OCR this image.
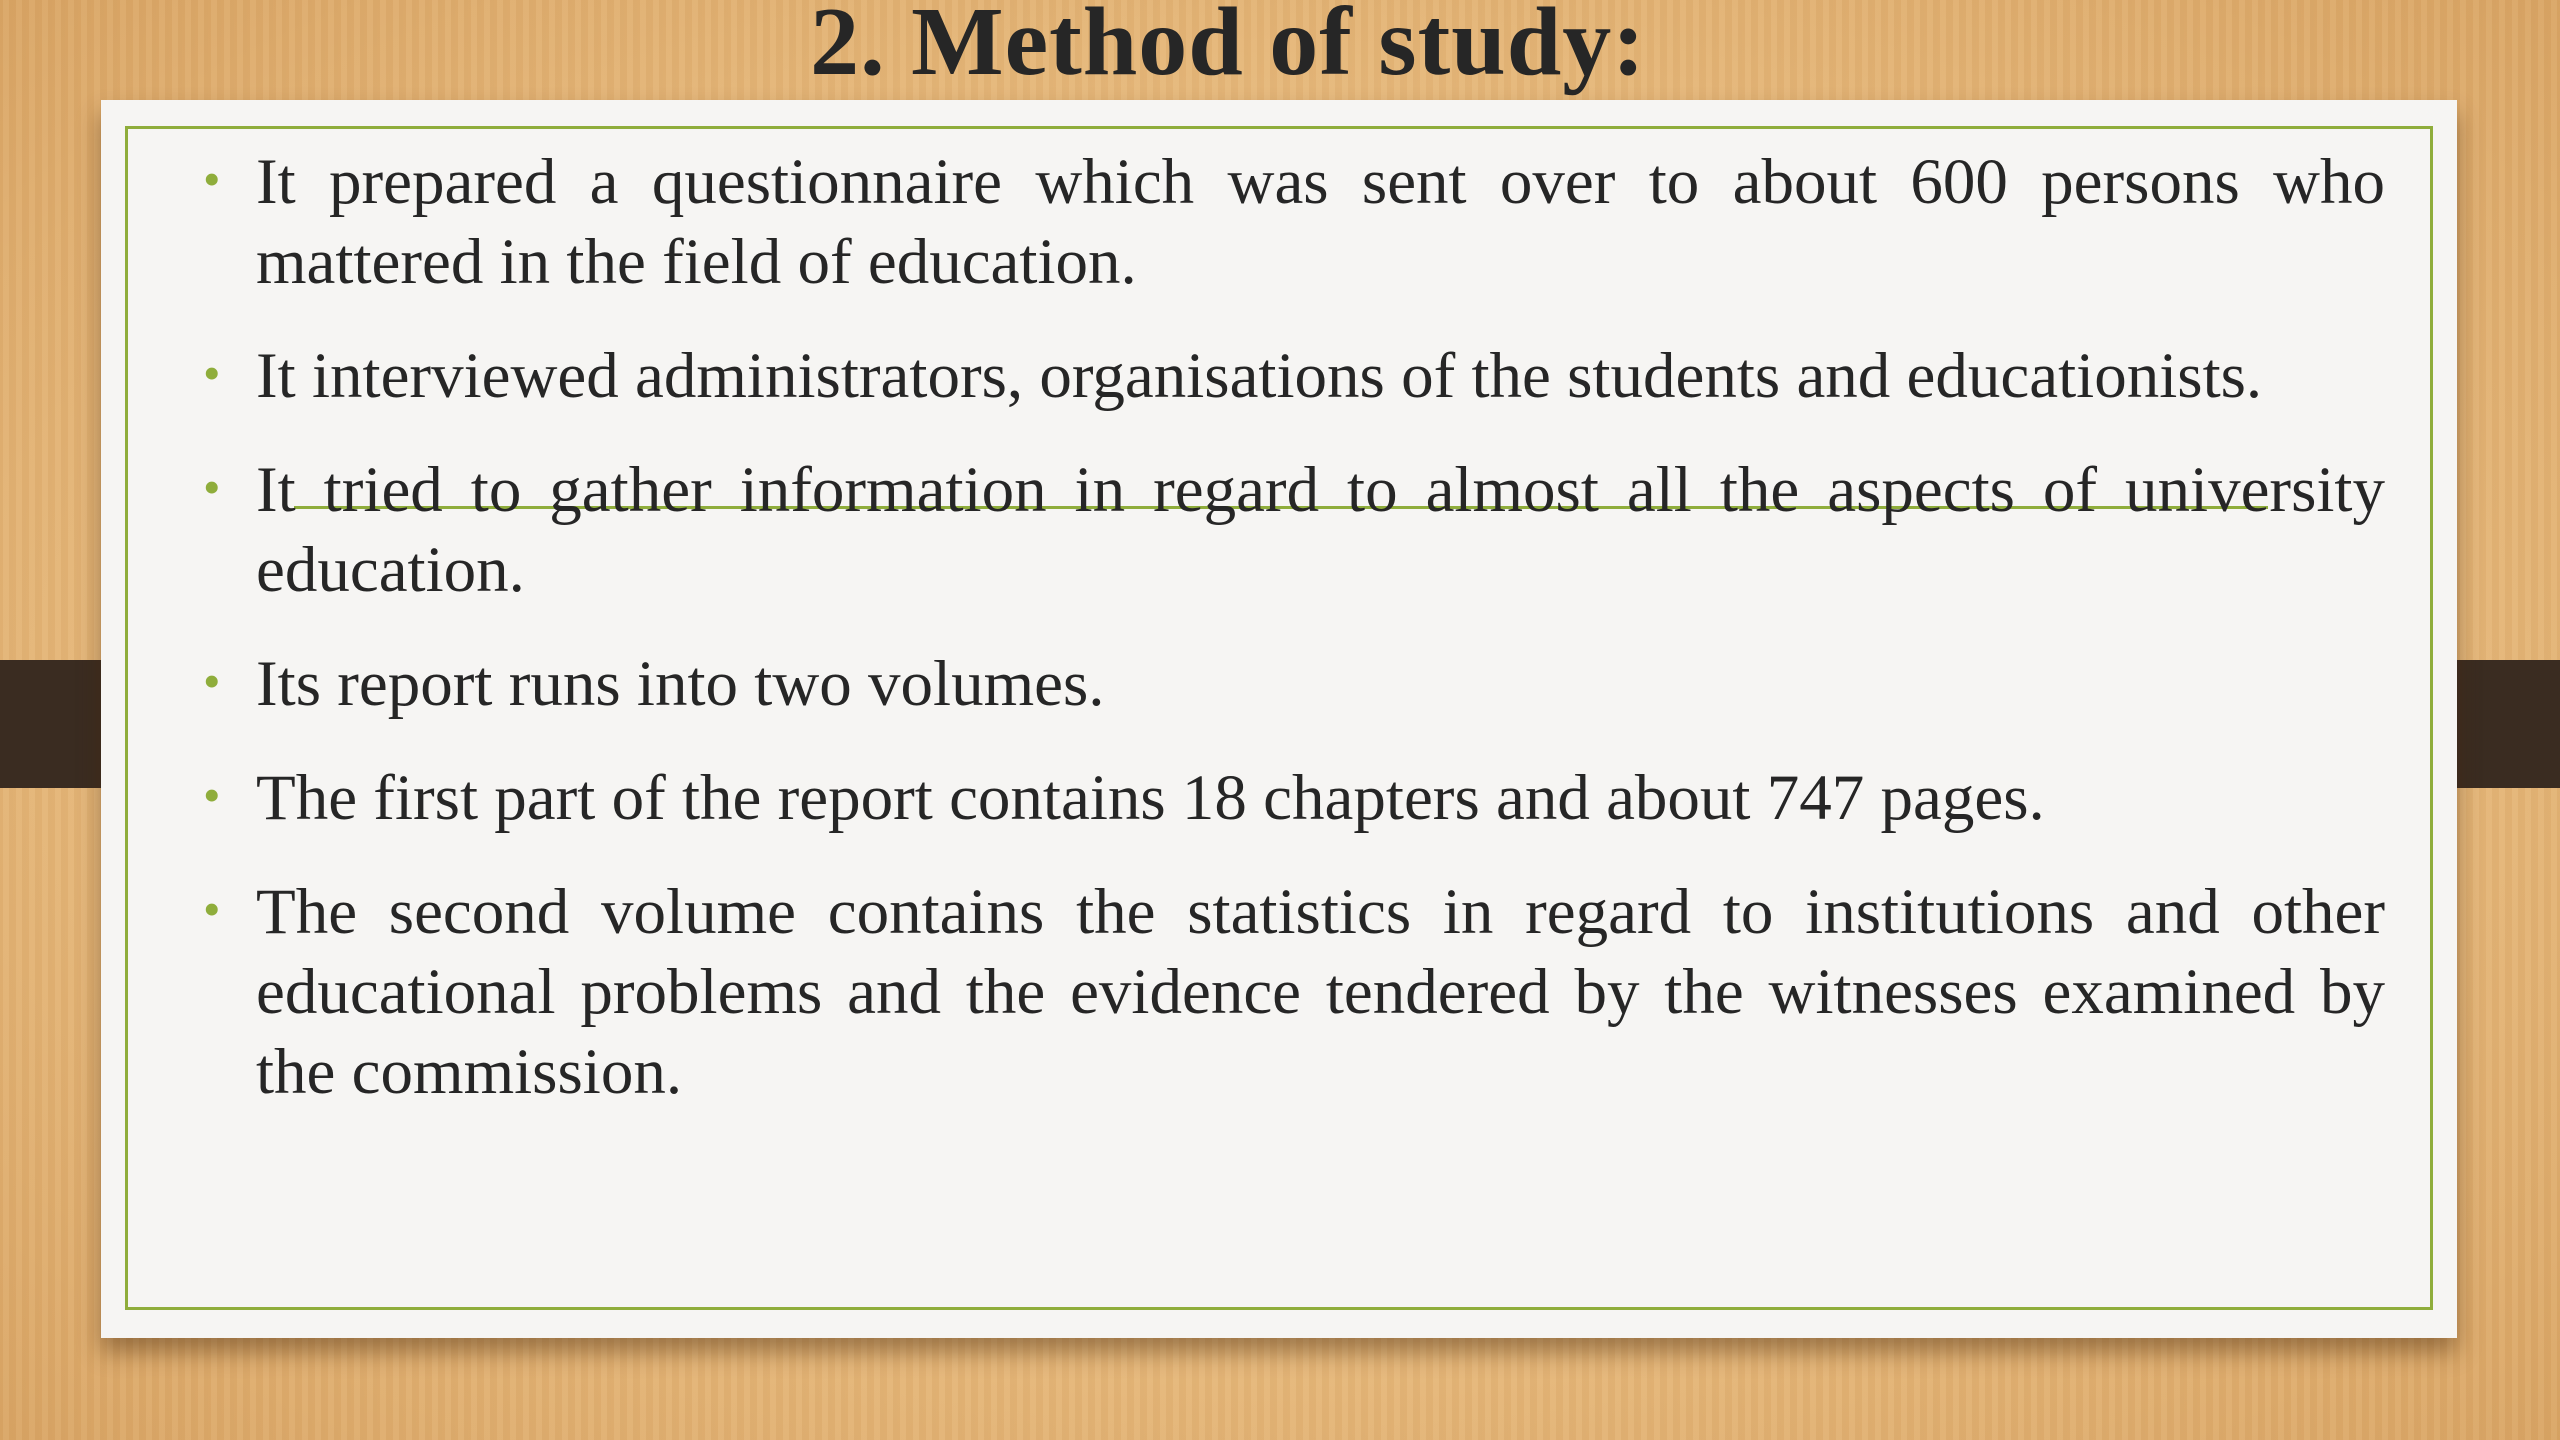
2. Method of study:
• It prepared a questionnaire which was sent over to about 600 persons who mattered in the field of education.
• It interviewed administrators, organisations of the students and educationists.
• It tried to gather information in regard to almost all the aspects of university education.
• Its report runs into two volumes.
• The first part of the report contains 18 chapters and about 747 pages.
• The second volume contains the statistics in regard to institutions and other educational problems and the evidence tendered by the witnesses examined by the commission.
